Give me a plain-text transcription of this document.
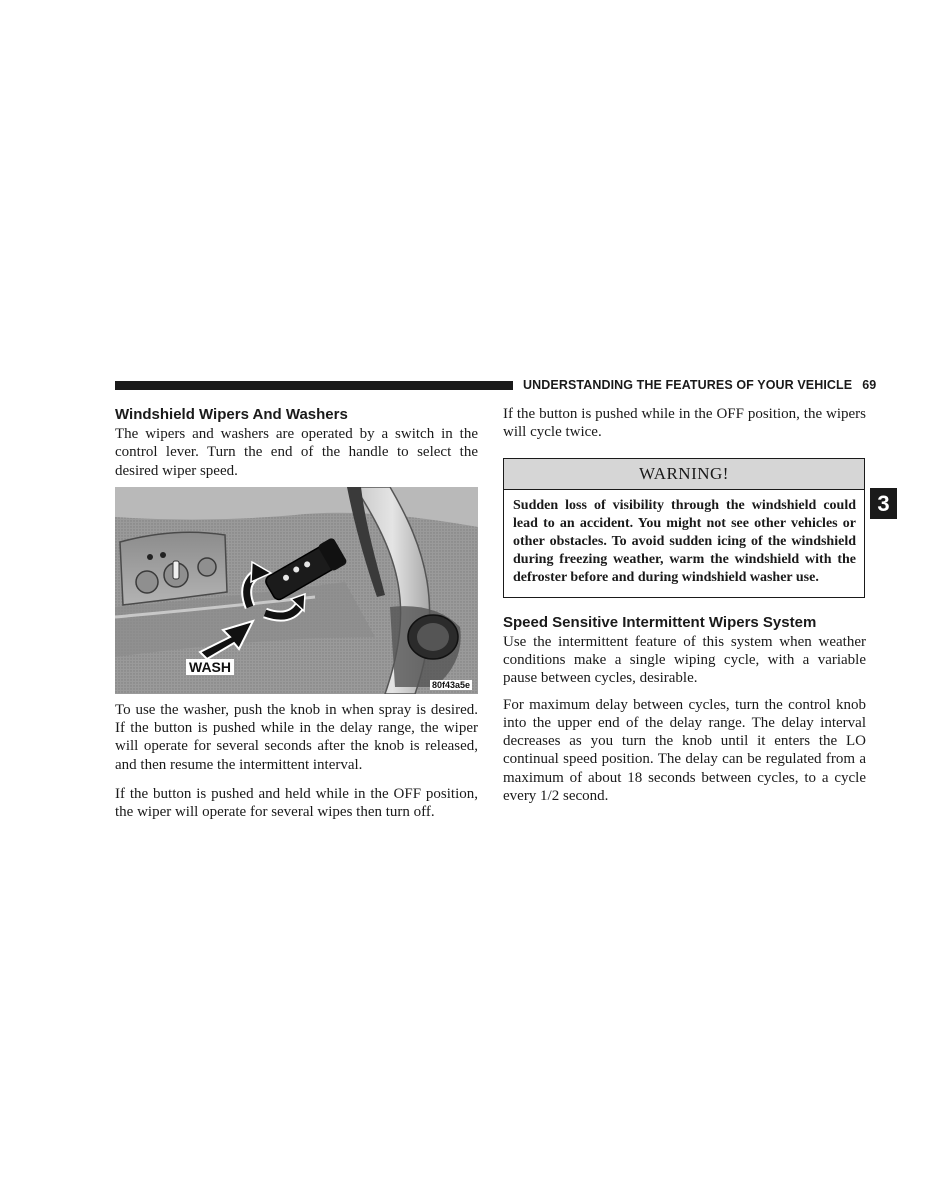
UNDERSTANDING THE FEATURES OF YOUR VEHICLE 69
3
Windshield Wipers And Washers

The wipers and washers are operated by a switch in the control lever. Turn the end of the handle to select the desired wiper speed.

WASH
80f43a5e

To use the washer, push the knob in when spray is desired. If the button is pushed while in the delay range, the wiper will operate for several seconds after the knob is released, and then resume the intermittent interval.

If the button is pushed and held while in the OFF position, the wiper will operate for several wipes then turn off.

If the button is pushed while in the OFF position, the wipers will cycle twice.

WARNING!
Sudden loss of visibility through the windshield could lead to an accident. You might not see other vehicles or other obstacles. To avoid sudden icing of the windshield during freezing weather, warm the windshield with the defroster before and during windshield washer use.
Speed Sensitive Intermittent Wipers System

Use the intermittent feature of this system when weather conditions make a single wiping cycle, with a variable pause between cycles, desirable.

For maximum delay between cycles, turn the control knob into the upper end of the delay range. The delay interval decreases as you turn the knob until it enters the LO continual speed position. The delay can be regulated from a maximum of about 18 seconds between cycles, to a cycle every 1/2 second.
